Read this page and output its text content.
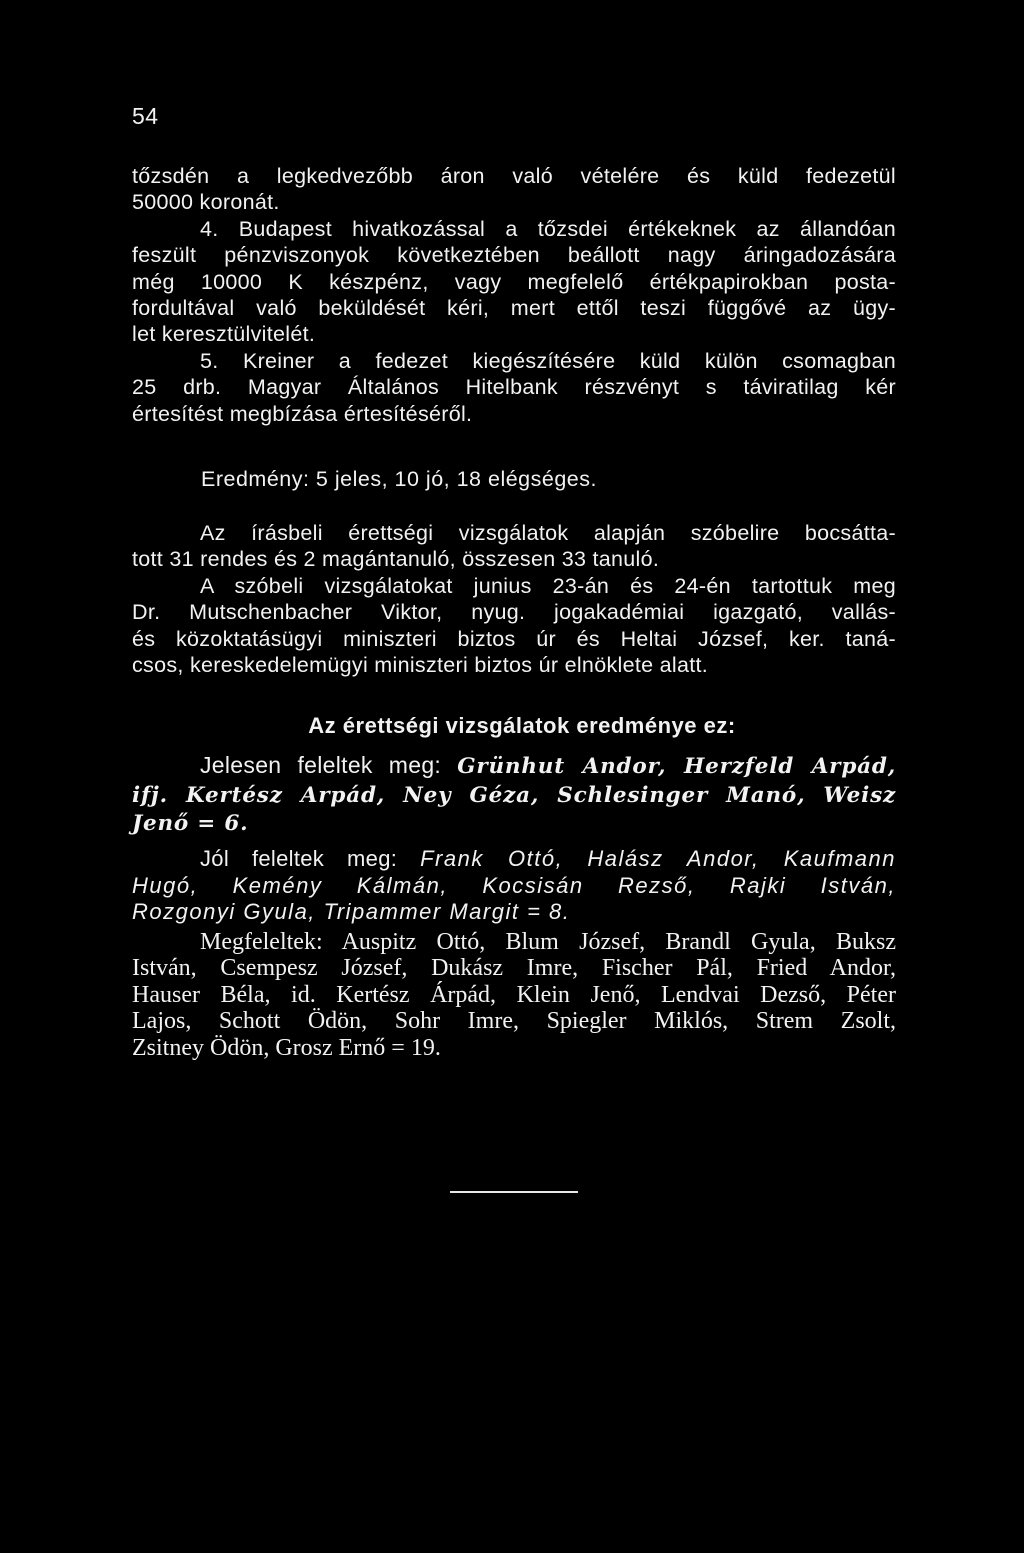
54

tőzsdén a legkedvezőbb áron való vételére és küld fedezetül

50000 koronát.

4. Budapest hivatkozással a tőzsdei értékeknek az állandóan

feszült pénzviszonyok következtében beállott nagy áringadozására

még 10000 K készpénz, vagy megfelelő értékpapirokban posta-

fordultával való beküldését kéri, mert ettől teszi függővé az ügy-

let keresztülvitelét.

5. Kreiner a fedezet kiegészítésére küld külön csomagban

25 drb. Magyar Általános Hitelbank részvényt s táviratilag kér

értesítést megbízása értesítéséről.

Eredmény: 5 jeles, 10 jó, 18 elégséges.

Az írásbeli érettségi vizsgálatok alapján szóbelire bocsátta-

tott 31 rendes és 2 magántanuló, összesen 33 tanuló.

A szóbeli vizsgálatokat junius 23-án és 24-én tartottuk meg

Dr. Mutschenbacher Viktor, nyug. jogakadémiai igazgató, vallás-

és közoktatásügyi miniszteri biztos úr és Heltai József, ker. taná-

csos, kereskedelemügyi miniszteri biztos úr elnöklete alatt.

Az érettségi vizsgálatok eredménye ez:

Jelesen feleltek meg: Grünhut Andor, Herzfeld Arpád,

ifj. Kertész Arpád, Ney Géza, Schlesinger Manó, Weisz

Jenő = 6.

Jól feleltek meg: Frank Ottó, Halász Andor, Kaufmann

Hugó, Kemény Kálmán, Kocsisán Rezső, Rajki István,

Rozgonyi Gyula, Tripammer Margit = 8.

Megfeleltek: Auspitz Ottó, Blum József, Brandl Gyula, Buksz

István, Csempesz József, Dukász Imre, Fischer Pál, Fried Andor,

Hauser Béla, id. Kertész Árpád, Klein Jenő, Lendvai Dezső, Péter

Lajos, Schott Ödön, Sohr Imre, Spiegler Miklós, Strem Zsolt,

Zsitney Ödön, Grosz Ernő = 19.
